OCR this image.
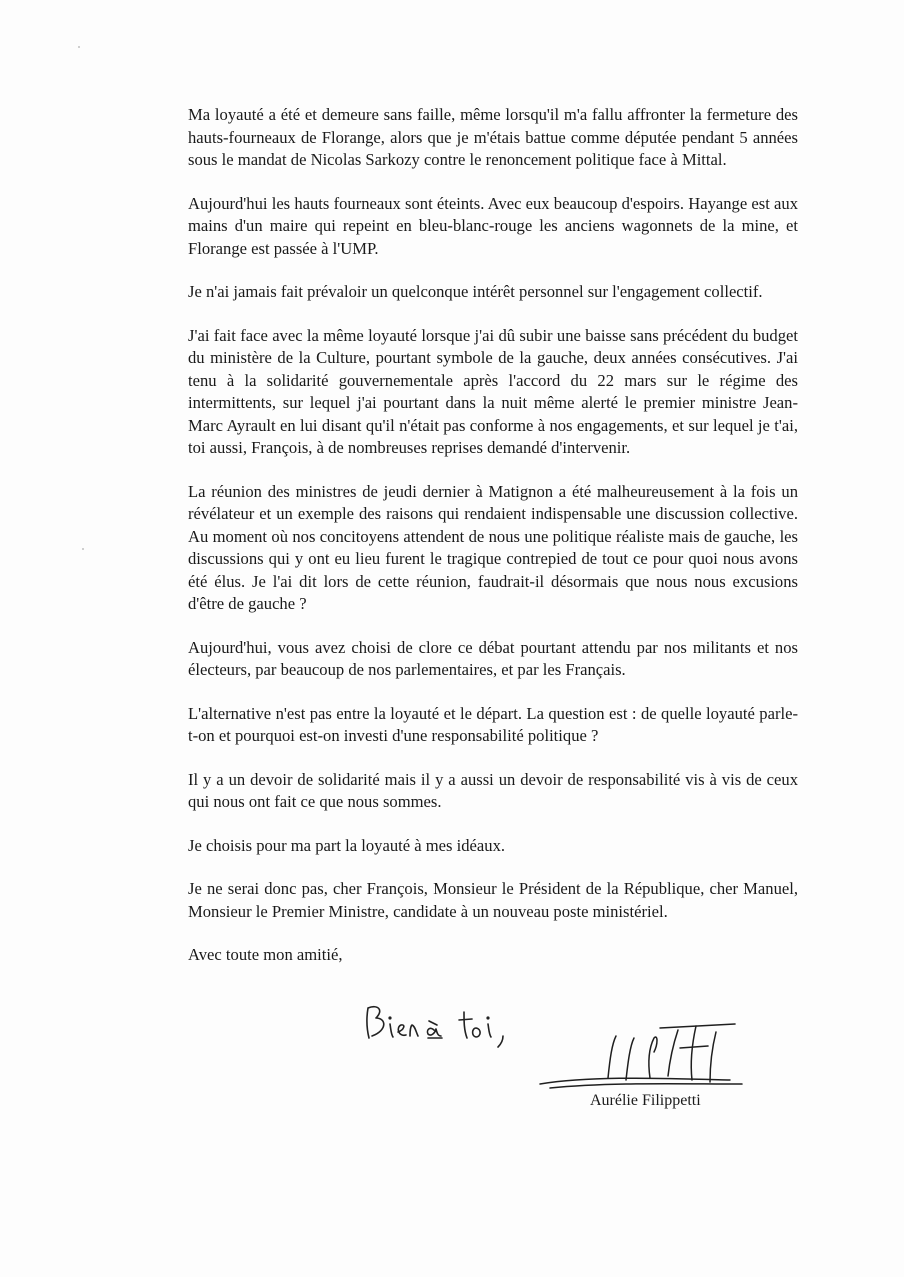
Ma loyauté a été et demeure sans faille, même lorsqu'il m'a fallu affronter la fermeture des hauts-fourneaux de Florange, alors que je m'étais battue comme députée pendant 5 années sous le mandat de Nicolas Sarkozy contre le renoncement politique face à Mittal.

Aujourd'hui les hauts fourneaux sont éteints. Avec eux beaucoup d'espoirs. Hayange est aux mains d'un maire qui repeint en bleu-blanc-rouge les anciens wagonnets de la mine, et Florange est passée à l'UMP.

Je n'ai jamais fait prévaloir un quelconque intérêt personnel sur l'engagement collectif.

J'ai fait face avec la même loyauté lorsque j'ai dû subir une baisse sans précédent du budget du ministère de la Culture, pourtant symbole de la gauche, deux années consécutives. J'ai tenu à la solidarité gouvernementale après l'accord du 22 mars sur le régime des intermittents, sur lequel j'ai pourtant dans la nuit même alerté le premier ministre Jean-Marc Ayrault en lui disant qu'il n'était pas conforme à nos engagements, et sur lequel je t'ai, toi aussi, François, à de nombreuses reprises demandé d'intervenir.

La réunion des ministres de jeudi dernier à Matignon a été malheureusement à la fois un révélateur et un exemple des raisons qui rendaient indispensable une discussion collective. Au moment où nos concitoyens attendent de nous une politique réaliste mais de gauche, les discussions qui y ont eu lieu furent le tragique contrepied de tout ce pour quoi nous avons été élus. Je l'ai dit lors de cette réunion, faudrait-il désormais que nous nous excusions d'être de gauche ?

Aujourd'hui, vous avez choisi de clore ce débat pourtant attendu par nos militants et nos électeurs, par beaucoup de nos parlementaires, et par les Français.

L'alternative n'est pas entre la loyauté et le départ. La question est : de quelle loyauté parle-t-on et pourquoi est-on investi d'une responsabilité politique ?

Il y a un devoir de solidarité mais il y a aussi un devoir de responsabilité vis à vis de ceux qui nous ont fait ce que nous sommes.

Je choisis pour ma part la loyauté à mes idéaux.

Je ne serai donc pas, cher François, Monsieur le Président de la République, cher Manuel, Monsieur le Premier Ministre, candidate à un nouveau poste ministériel.

Avec toute mon amitié,

Aurélie Filippetti
